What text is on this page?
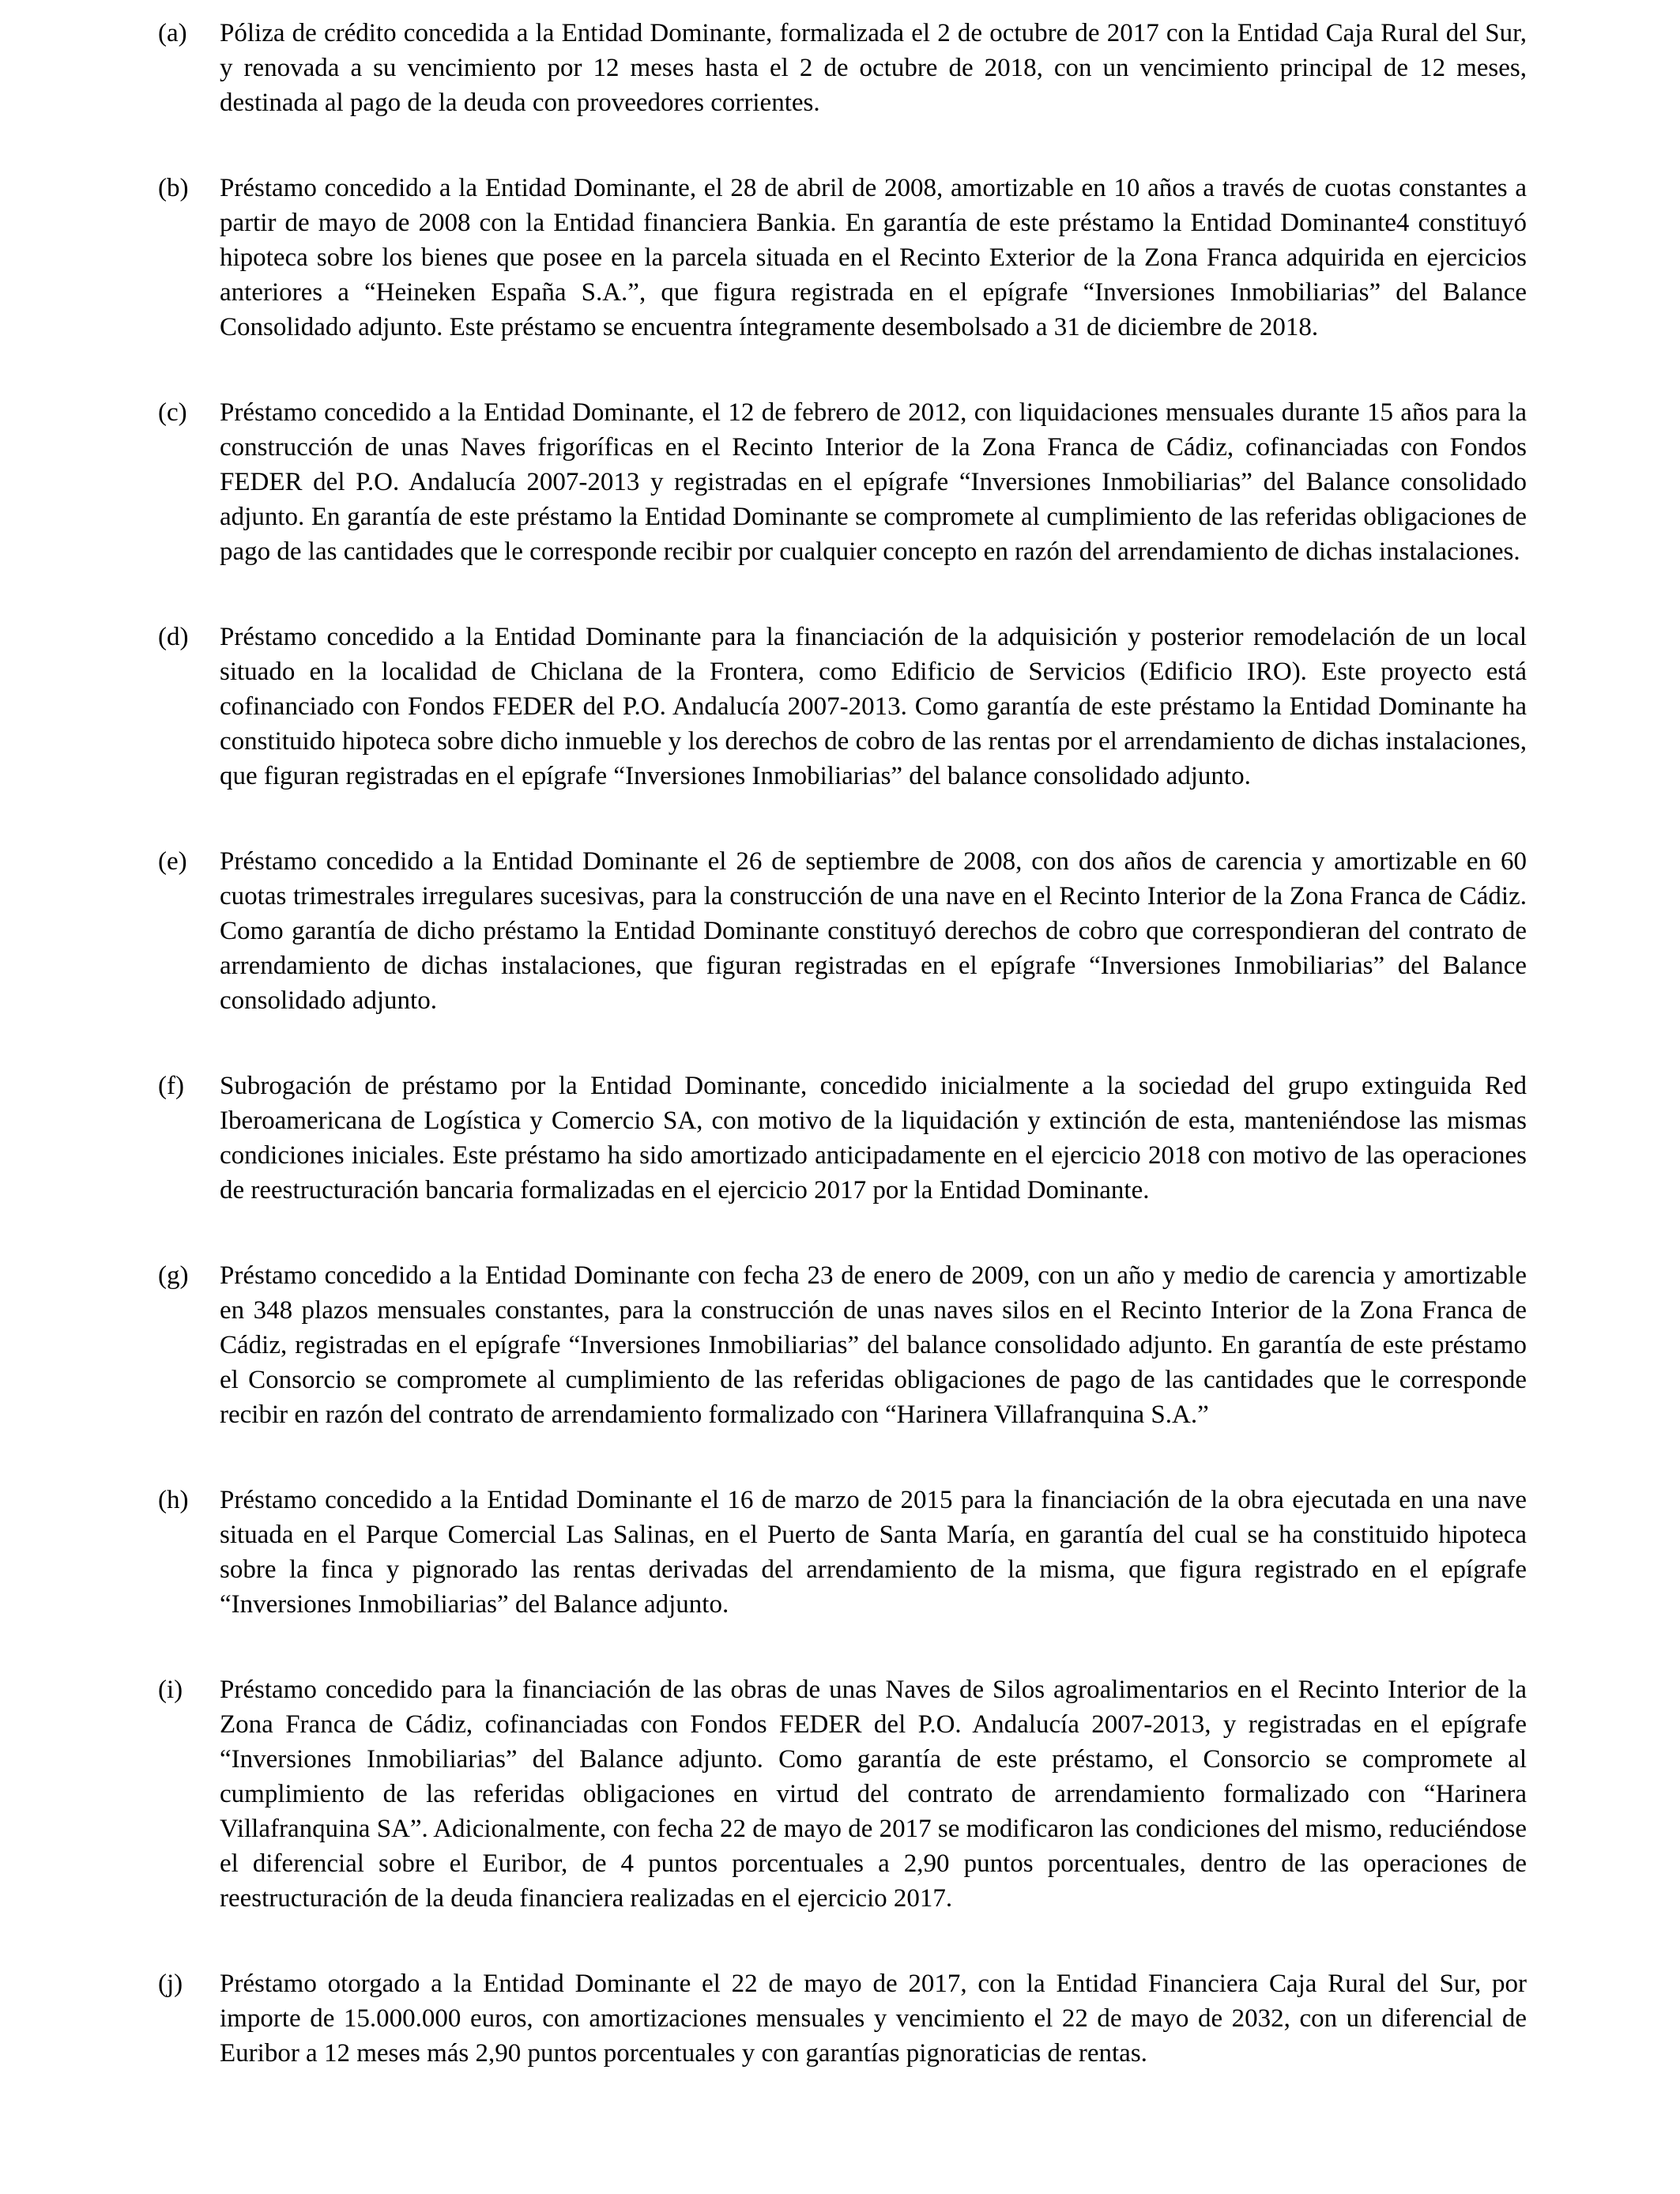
(a)	Póliza de crédito concedida a la Entidad Dominante, formalizada el 2 de octubre de 2017 con la Entidad Caja Rural del Sur, y renovada a su vencimiento por 12 meses hasta el 2 de octubre de 2018, con un vencimiento principal de 12 meses, destinada al pago de la deuda con proveedores corrientes.

(b)	Préstamo concedido a la Entidad Dominante, el 28 de abril de 2008, amortizable en 10 años a través de cuotas constantes a partir de mayo de 2008 con la Entidad financiera Bankia. En garantía de este préstamo la Entidad Dominante4 constituyó hipoteca sobre los bienes que posee en la parcela situada en el Recinto Exterior de la Zona Franca adquirida en ejercicios anteriores a “Heineken España S.A.”, que figura registrada en el epígrafe “Inversiones Inmobiliarias” del Balance Consolidado adjunto. Este préstamo se encuentra íntegramente desembolsado a 31 de diciembre de 2018.

(c)	Préstamo concedido a la Entidad Dominante, el 12 de febrero de 2012, con liquidaciones mensuales durante 15 años para la construcción de unas Naves frigoríficas en el Recinto Interior de la Zona Franca de Cádiz, cofinanciadas con Fondos FEDER del P.O. Andalucía 2007-2013 y registradas en el epígrafe “Inversiones Inmobiliarias” del Balance consolidado adjunto. En garantía de este préstamo la Entidad Dominante se compromete al cumplimiento de las referidas obligaciones de pago de las cantidades que le corresponde recibir por cualquier concepto en razón del arrendamiento de dichas instalaciones.

(d)	Préstamo concedido a la Entidad Dominante para la financiación de la adquisición y posterior remodelación de un local situado en la localidad de Chiclana de la Frontera, como Edificio de Servicios (Edificio IRO). Este proyecto está cofinanciado con Fondos FEDER del P.O. Andalucía 2007-2013. Como garantía de este préstamo la Entidad Dominante ha constituido hipoteca sobre dicho inmueble y los derechos de cobro de las rentas por el arrendamiento de dichas instalaciones, que figuran registradas en el epígrafe “Inversiones Inmobiliarias” del balance consolidado adjunto.

(e)	Préstamo concedido a la Entidad Dominante el 26 de septiembre de 2008, con dos años de carencia y amortizable en 60 cuotas trimestrales irregulares sucesivas, para la construcción de una nave en el Recinto Interior de la Zona Franca de Cádiz. Como garantía de dicho préstamo la Entidad Dominante constituyó derechos de cobro que correspondieran del contrato de arrendamiento de dichas instalaciones, que figuran registradas en el epígrafe “Inversiones Inmobiliarias” del Balance consolidado adjunto.

(f)	Subrogación de préstamo por la Entidad Dominante, concedido inicialmente a la sociedad del grupo extinguida Red Iberoamericana de Logística y Comercio SA, con motivo de la liquidación y extinción de esta, manteniéndose las mismas condiciones iniciales. Este préstamo ha sido amortizado anticipadamente en el ejercicio 2018 con motivo de las operaciones de reestructuración bancaria formalizadas en el ejercicio 2017 por la Entidad Dominante.

(g)	Préstamo concedido a la Entidad Dominante con fecha 23 de enero de 2009, con un año y medio de carencia y amortizable en 348 plazos mensuales constantes, para la construcción de unas naves silos en el Recinto Interior de la Zona Franca de Cádiz, registradas en el epígrafe “Inversiones Inmobiliarias” del balance consolidado adjunto. En garantía de este préstamo el Consorcio se compromete al cumplimiento de las referidas obligaciones de pago de las cantidades que le corresponde recibir en razón del contrato de arrendamiento formalizado con “Harinera Villafranquina S.A.”

(h)	Préstamo concedido a la Entidad Dominante el 16 de marzo de 2015 para la financiación de la obra ejecutada en una nave situada en el Parque Comercial Las Salinas, en el Puerto de Santa María, en garantía del cual se ha constituido hipoteca sobre la finca y pignorado las rentas derivadas del arrendamiento de la misma, que figura registrado en el epígrafe “Inversiones Inmobiliarias” del Balance adjunto.

(i)	Préstamo concedido para la financiación de las obras de unas Naves de Silos agroalimentarios en el Recinto Interior de la Zona Franca de Cádiz, cofinanciadas con Fondos FEDER del P.O. Andalucía 2007-2013, y registradas en el epígrafe “Inversiones Inmobiliarias” del Balance adjunto. Como garantía de este préstamo, el Consorcio se compromete al cumplimiento de las referidas obligaciones en virtud del contrato de arrendamiento formalizado con “Harinera Villafranquina SA”. Adicionalmente, con fecha 22 de mayo de 2017 se modificaron las condiciones del mismo, reduciéndose el diferencial sobre el Euribor, de 4 puntos porcentuales a 2,90 puntos porcentuales, dentro de las operaciones de reestructuración de la deuda financiera realizadas en el ejercicio 2017.

(j)	Préstamo otorgado a la Entidad Dominante el 22 de mayo de 2017, con la Entidad Financiera Caja Rural del Sur, por importe de 15.000.000 euros, con amortizaciones mensuales y vencimiento el 22 de mayo de 2032, con un diferencial de Euribor a 12 meses más 2,90 puntos porcentuales y con garantías pignoraticias de rentas.
